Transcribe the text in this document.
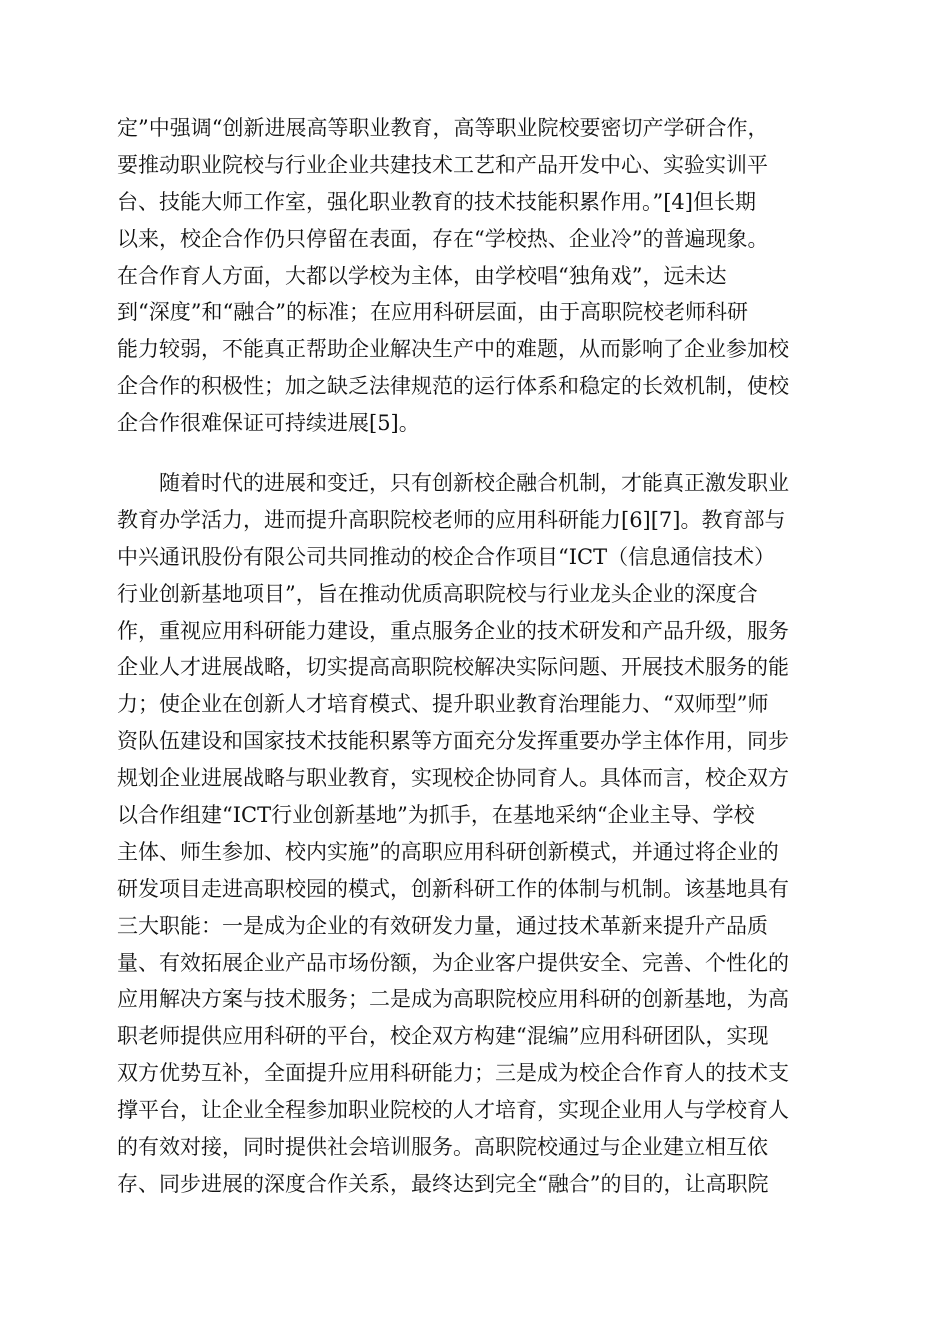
定”中强调“创新进展高等职业教育，高等职业院校要密切产学研合作，
要推动职业院校与行业企业共建技术工艺和产品开发中心、实验实训平
台、技能大师工作室，强化职业教育的技术技能积累作用。”[4]但长期
以来，校企合作仍只停留在表面，存在“学校热、企业冷”的普遍现象。
在合作育人方面，大都以学校为主体，由学校唱“独角戏”，远未达
到“深度”和“融合”的标准；在应用科研层面，由于高职院校老师科研
能力较弱，不能真正帮助企业解决生产中的难题，从而影响了企业参加校
企合作的积极性；加之缺乏法律规范的运行体系和稳定的长效机制，使校
企合作很难保证可持续进展[5]。
随着时代的进展和变迁，只有创新校企融合机制，才能真正激发职业
教育办学活力，进而提升高职院校老师的应用科研能力[6][7]。教育部与
中兴通讯股份有限公司共同推动的校企合作项目“ICT（信息通信技术）
行业创新基地项目”，旨在推动优质高职院校与行业龙头企业的深度合
作，重视应用科研能力建设，重点服务企业的技术研发和产品升级，服务
企业人才进展战略，切实提高高职院校解决实际问题、开展技术服务的能
力；使企业在创新人才培育模式、提升职业教育治理能力、“双师型”师
资队伍建设和国家技术技能积累等方面充分发挥重要办学主体作用，同步
规划企业进展战略与职业教育，实现校企协同育人。具体而言，校企双方
以合作组建“ICT行业创新基地”为抓手，在基地采纳“企业主导、学校
主体、师生参加、校内实施”的高职应用科研创新模式，并通过将企业的
研发项目走进高职校园的模式，创新科研工作的体制与机制。该基地具有
三大职能：一是成为企业的有效研发力量，通过技术革新来提升产品质
量、有效拓展企业产品市场份额，为企业客户提供安全、完善、个性化的
应用解决方案与技术服务；二是成为高职院校应用科研的创新基地，为高
职老师提供应用科研的平台，校企双方构建“混编”应用科研团队，实现
双方优势互补，全面提升应用科研能力；三是成为校企合作育人的技术支
撑平台，让企业全程参加职业院校的人才培育，实现企业用人与学校育人
的有效对接，同时提供社会培训服务。高职院校通过与企业建立相互依
存、同步进展的深度合作关系，最终达到完全“融合”的目的，让高职院
